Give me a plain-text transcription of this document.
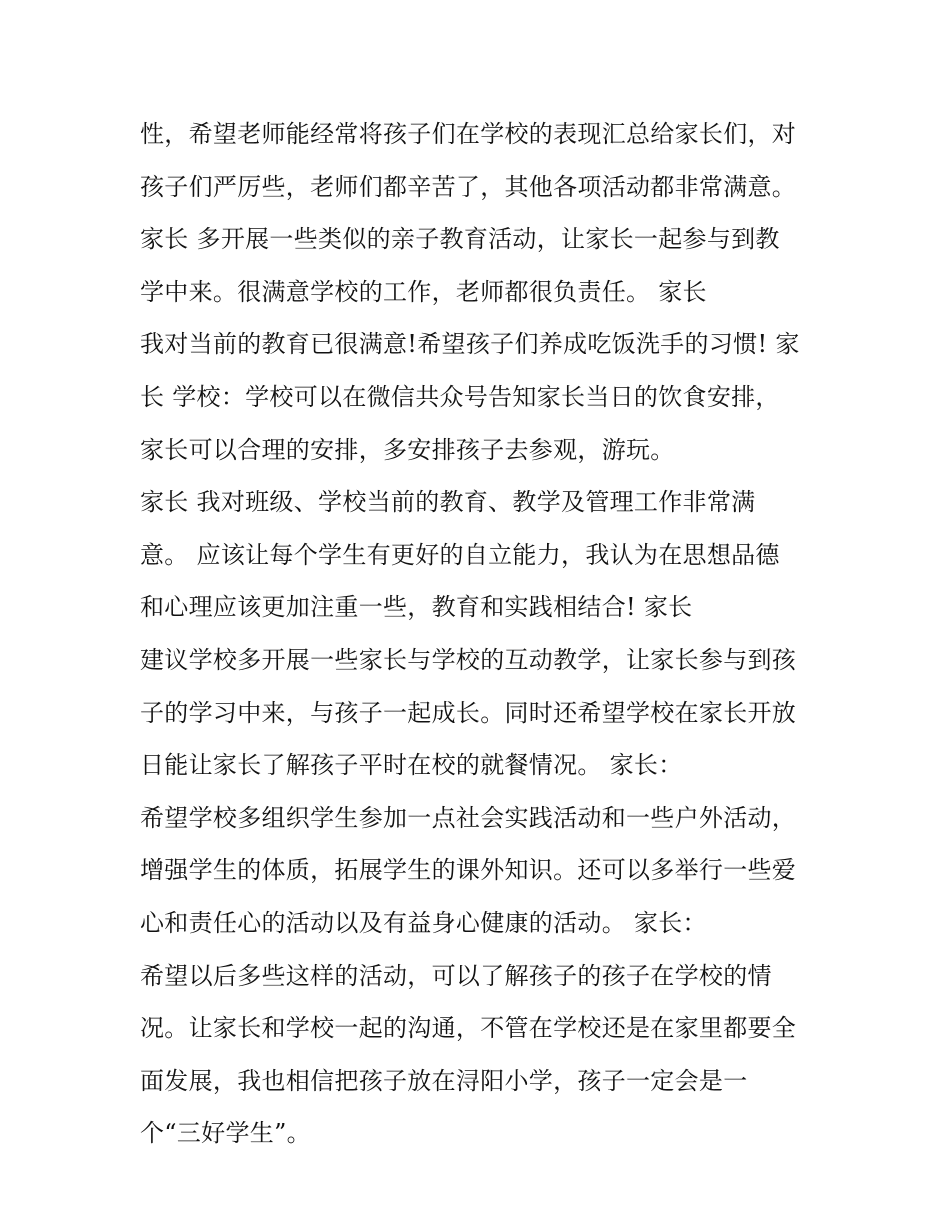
性，希望老师能经常将孩子们在学校的表现汇总给家长们，对
孩子们严厉些，老师们都辛苦了，其他各项活动都非常满意。
家长 多开展一些类似的亲子教育活动，让家长一起参与到教
学中来。很满意学校的工作，老师都很负责任。 家长
我对当前的教育已很满意!希望孩子们养成吃饭洗手的习惯! 家
长 学校：学校可以在微信共众号告知家长当日的饮食安排，
家长可以合理的安排，多安排孩子去参观，游玩。
家长 我对班级、学校当前的教育、教学及管理工作非常满
意。 应该让每个学生有更好的自立能力，我认为在思想品德
和心理应该更加注重一些，教育和实践相结合! 家长
建议学校多开展一些家长与学校的互动教学，让家长参与到孩
子的学习中来，与孩子一起成长。同时还希望学校在家长开放
日能让家长了解孩子平时在校的就餐情况。 家长：
希望学校多组织学生参加一点社会实践活动和一些户外活动，
增强学生的体质，拓展学生的课外知识。还可以多举行一些爱
心和责任心的活动以及有益身心健康的活动。 家长：
希望以后多些这样的活动，可以了解孩子的孩子在学校的情
况。让家长和学校一起的沟通，不管在学校还是在家里都要全
面发展，我也相信把孩子放在浔阳小学，孩子一定会是一
个“三好学生”。
